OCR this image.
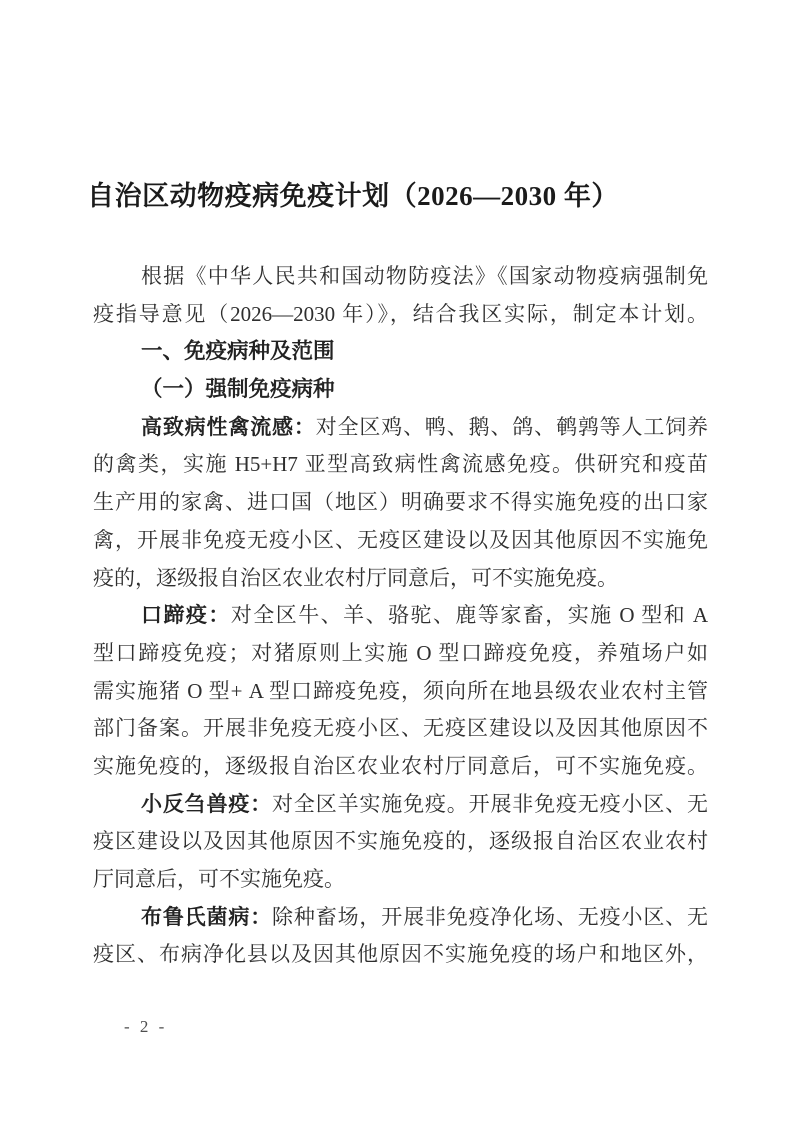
自治区动物疫病免疫计划（2026—2030 年）
根据《中华人民共和国动物防疫法》《国家动物疫病强制免
疫指导意见（2026—2030 年）》，结合我区实际，制定本计划。
一、免疫病种及范围
（一）强制免疫病种
高致病性禽流感：对全区鸡、鸭、鹅、鸽、鹌鹑等人工饲养
的禽类，实施 H5+H7 亚型高致病性禽流感免疫。供研究和疫苗
生产用的家禽、进口国（地区）明确要求不得实施免疫的出口家
禽，开展非免疫无疫小区、无疫区建设以及因其他原因不实施免
疫的，逐级报自治区农业农村厅同意后，可不实施免疫。
口蹄疫：对全区牛、羊、骆驼、鹿等家畜，实施 O 型和 A
型口蹄疫免疫；对猪原则上实施 O 型口蹄疫免疫，养殖场户如
需实施猪 O 型+ A 型口蹄疫免疫，须向所在地县级农业农村主管
部门备案。开展非免疫无疫小区、无疫区建设以及因其他原因不
实施免疫的，逐级报自治区农业农村厅同意后，可不实施免疫。
小反刍兽疫：对全区羊实施免疫。开展非免疫无疫小区、无
疫区建设以及因其他原因不实施免疫的，逐级报自治区农业农村
厅同意后，可不实施免疫。
布鲁氏菌病：除种畜场，开展非免疫净化场、无疫小区、无
疫区、布病净化县以及因其他原因不实施免疫的场户和地区外，
- 2 -
